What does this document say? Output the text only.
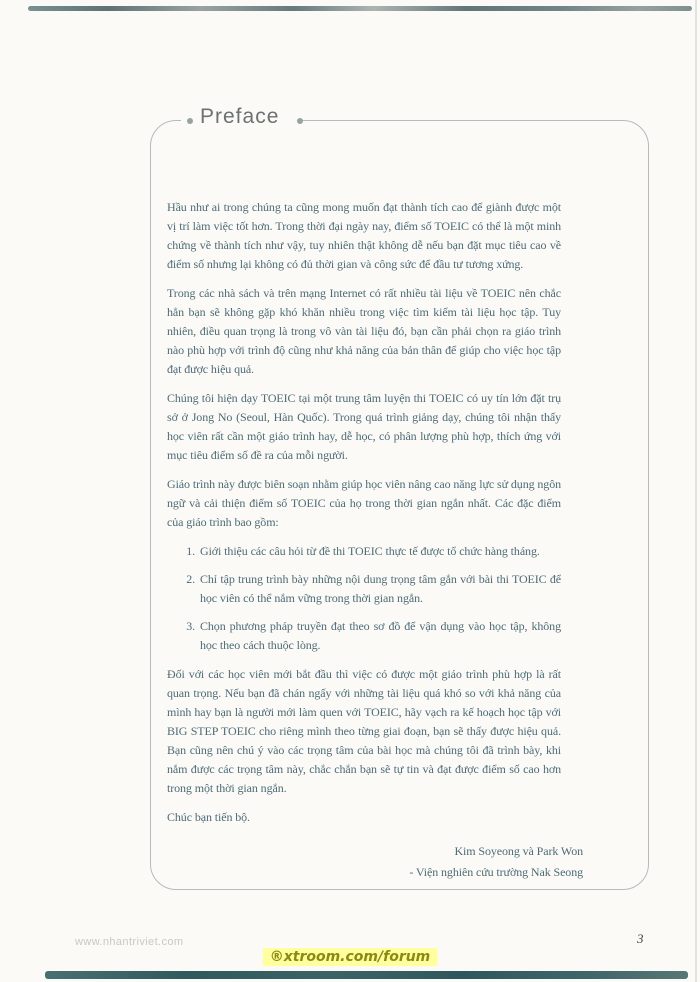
Preface

Hầu như ai trong chúng ta cũng mong muốn đạt thành tích cao để giành được một vị trí làm việc tốt hơn. Trong thời đại ngày nay, điểm số TOEIC có thể là một minh chứng về thành tích như vậy, tuy nhiên thật không dễ nếu bạn đặt mục tiêu cao về điểm số nhưng lại không có đủ thời gian và công sức để đầu tư tương xứng.

Trong các nhà sách và trên mạng Internet có rất nhiều tài liệu về TOEIC nên chắc hẳn bạn sẽ không gặp khó khăn nhiều trong việc tìm kiếm tài liệu học tập. Tuy nhiên, điều quan trọng là trong vô vàn tài liệu đó, bạn cần phải chọn ra giáo trình nào phù hợp với trình độ cũng như khả năng của bản thân để giúp cho việc học tập đạt được hiệu quả.

Chúng tôi hiện dạy TOEIC tại một trung tâm luyện thi TOEIC có uy tín lớn đặt trụ sở ở Jong No (Seoul, Hàn Quốc). Trong quá trình giảng dạy, chúng tôi nhận thấy học viên rất cần một giáo trình hay, dễ học, có phân lượng phù hợp, thích ứng với mục tiêu điểm số đề ra của mỗi người.

Giáo trình này được biên soạn nhằm giúp học viên nâng cao năng lực sử dụng ngôn ngữ và cải thiện điểm số TOEIC của họ trong thời gian ngắn nhất. Các đặc điểm của giáo trình bao gồm:

1. Giới thiệu các câu hỏi từ đề thi TOEIC thực tế được tổ chức hàng tháng.
2. Chỉ tập trung trình bày những nội dung trọng tâm gắn với bài thi TOEIC để học viên có thể nắm vững trong thời gian ngắn.
3. Chọn phương pháp truyền đạt theo sơ đồ để vận dụng vào học tập, không học theo cách thuộc lòng.

Đối với các học viên mới bắt đầu thì việc có được một giáo trình phù hợp là rất quan trọng. Nếu bạn đã chán ngấy với những tài liệu quá khó so với khả năng của mình hay bạn là người mới làm quen với TOEIC, hãy vạch ra kế hoạch học tập với BIG STEP TOEIC cho riêng mình theo từng giai đoạn, bạn sẽ thấy được hiệu quả. Bạn cũng nên chú ý vào các trọng tâm của bài học mà chúng tôi đã trình bày, khi nắm được các trọng tâm này, chắc chắn bạn sẽ tự tin và đạt được điểm số cao hơn trong một thời gian ngắn.

Chúc bạn tiến bộ.

Kim Soyeong và Park Won
- Viện nghiên cứu trường Nak Seong
www.nhantriviet.com	3
®xtroom.com/forum
